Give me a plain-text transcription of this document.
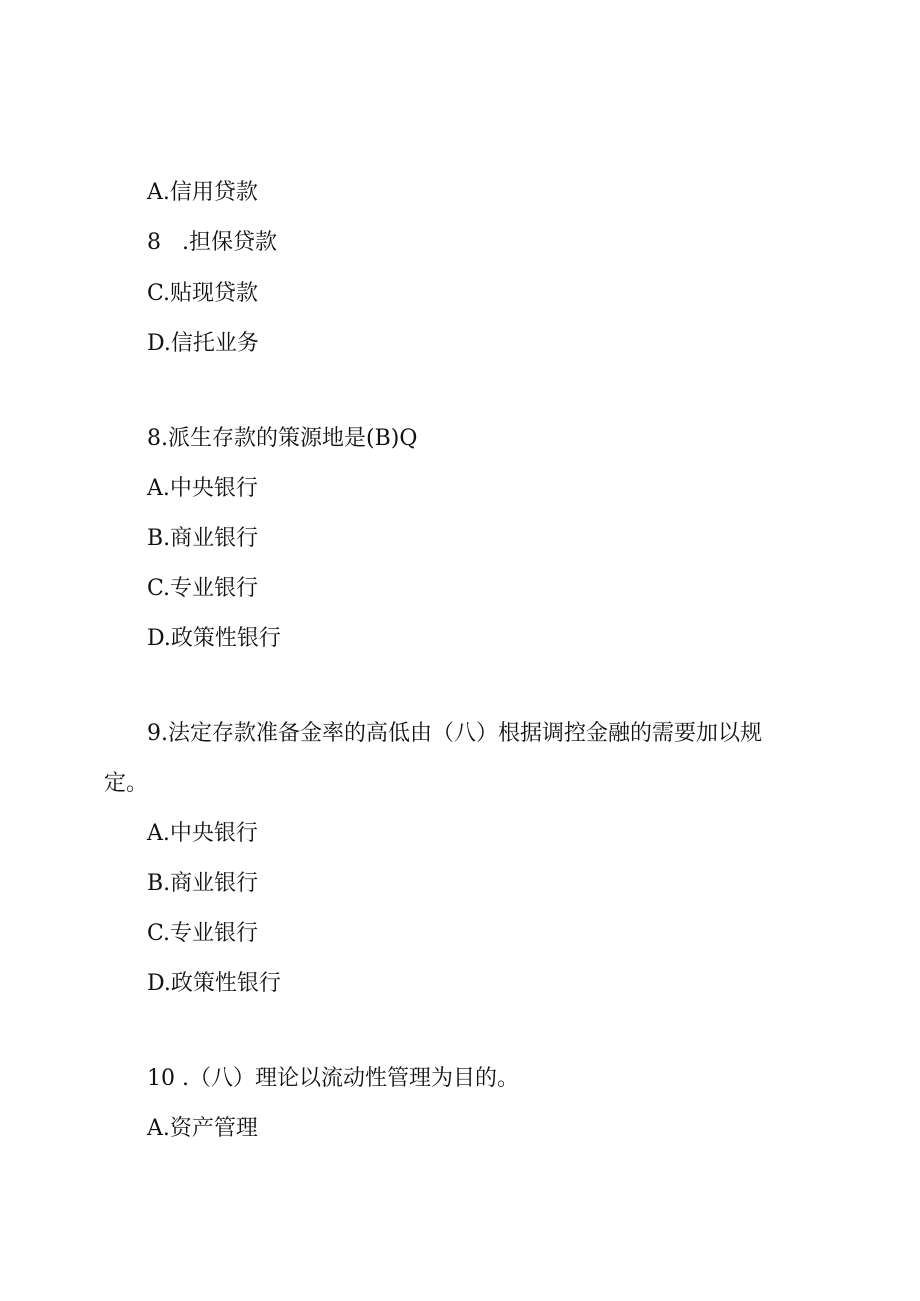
A.信用贷款
8   .担保贷款
C.贴现贷款
D.信托业务
8.派生存款的策源地是(B)Q
A.中央银行
B.商业银行
C.专业银行
D.政策性银行
9.法定存款准备金率的高低由（八）根据调控金融的需要加以规
定。
A.中央银行
B.商业银行
C.专业银行
D.政策性银行
10 .（八）理论以流动性管理为目的。
A.资产管理
